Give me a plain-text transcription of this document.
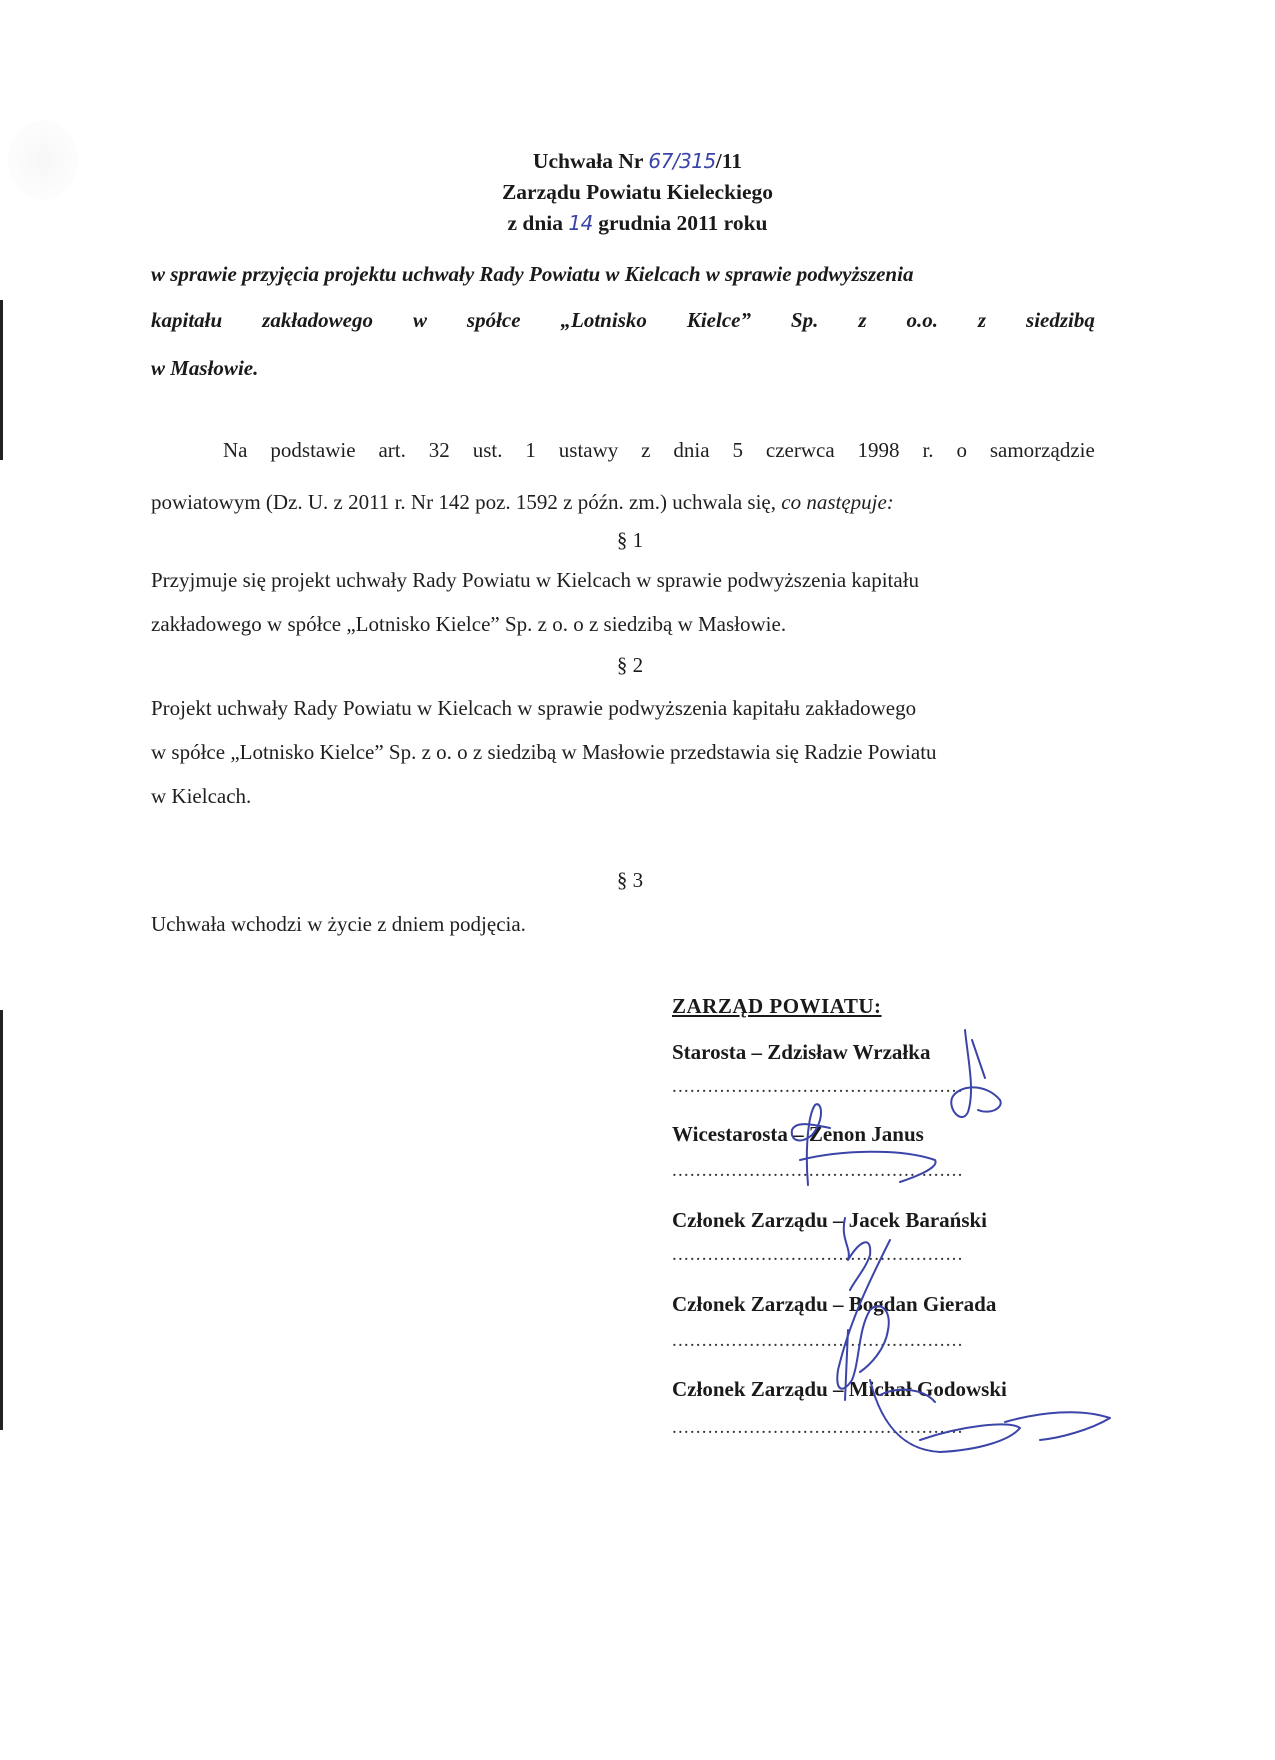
Uchwała Nr 67/315/11
Zarządu Powiatu Kieleckiego
z dnia 14 grudnia 2011 roku
w sprawie przyjęcia projektu uchwały Rady Powiatu w Kielcach w sprawie podwyższenia
kapitału zakładowego w spółce „Lotnisko Kielce” Sp. z o.o. z siedzibą
w Masłowie.
Na podstawie art. 32 ust. 1 ustawy z dnia 5 czerwca 1998 r. o samorządzie
powiatowym (Dz. U. z 2011 r. Nr 142 poz. 1592 z późn. zm.) uchwala się, co następuje:
§ 1
Przyjmuje się projekt uchwały Rady Powiatu w Kielcach w sprawie podwyższenia kapitału
zakładowego w spółce „Lotnisko Kielce” Sp. z o. o z siedzibą w Masłowie.
§ 2
Projekt uchwały Rady Powiatu w Kielcach w sprawie podwyższenia kapitału zakładowego
w spółce „Lotnisko Kielce” Sp. z o. o z siedzibą w Masłowie przedstawia się Radzie Powiatu
w Kielcach.
§ 3
Uchwała wchodzi w życie z dniem podjęcia.
ZARZĄD POWIATU:
Starosta – Zdzisław Wrzałka
.................................................
Wicestarosta – Zenon Janus
.................................................
Członek Zarządu – Jacek Barański
.................................................
Członek Zarządu – Bogdan Gierada
.................................................
Członek Zarządu – Michał Godowski
.................................................
